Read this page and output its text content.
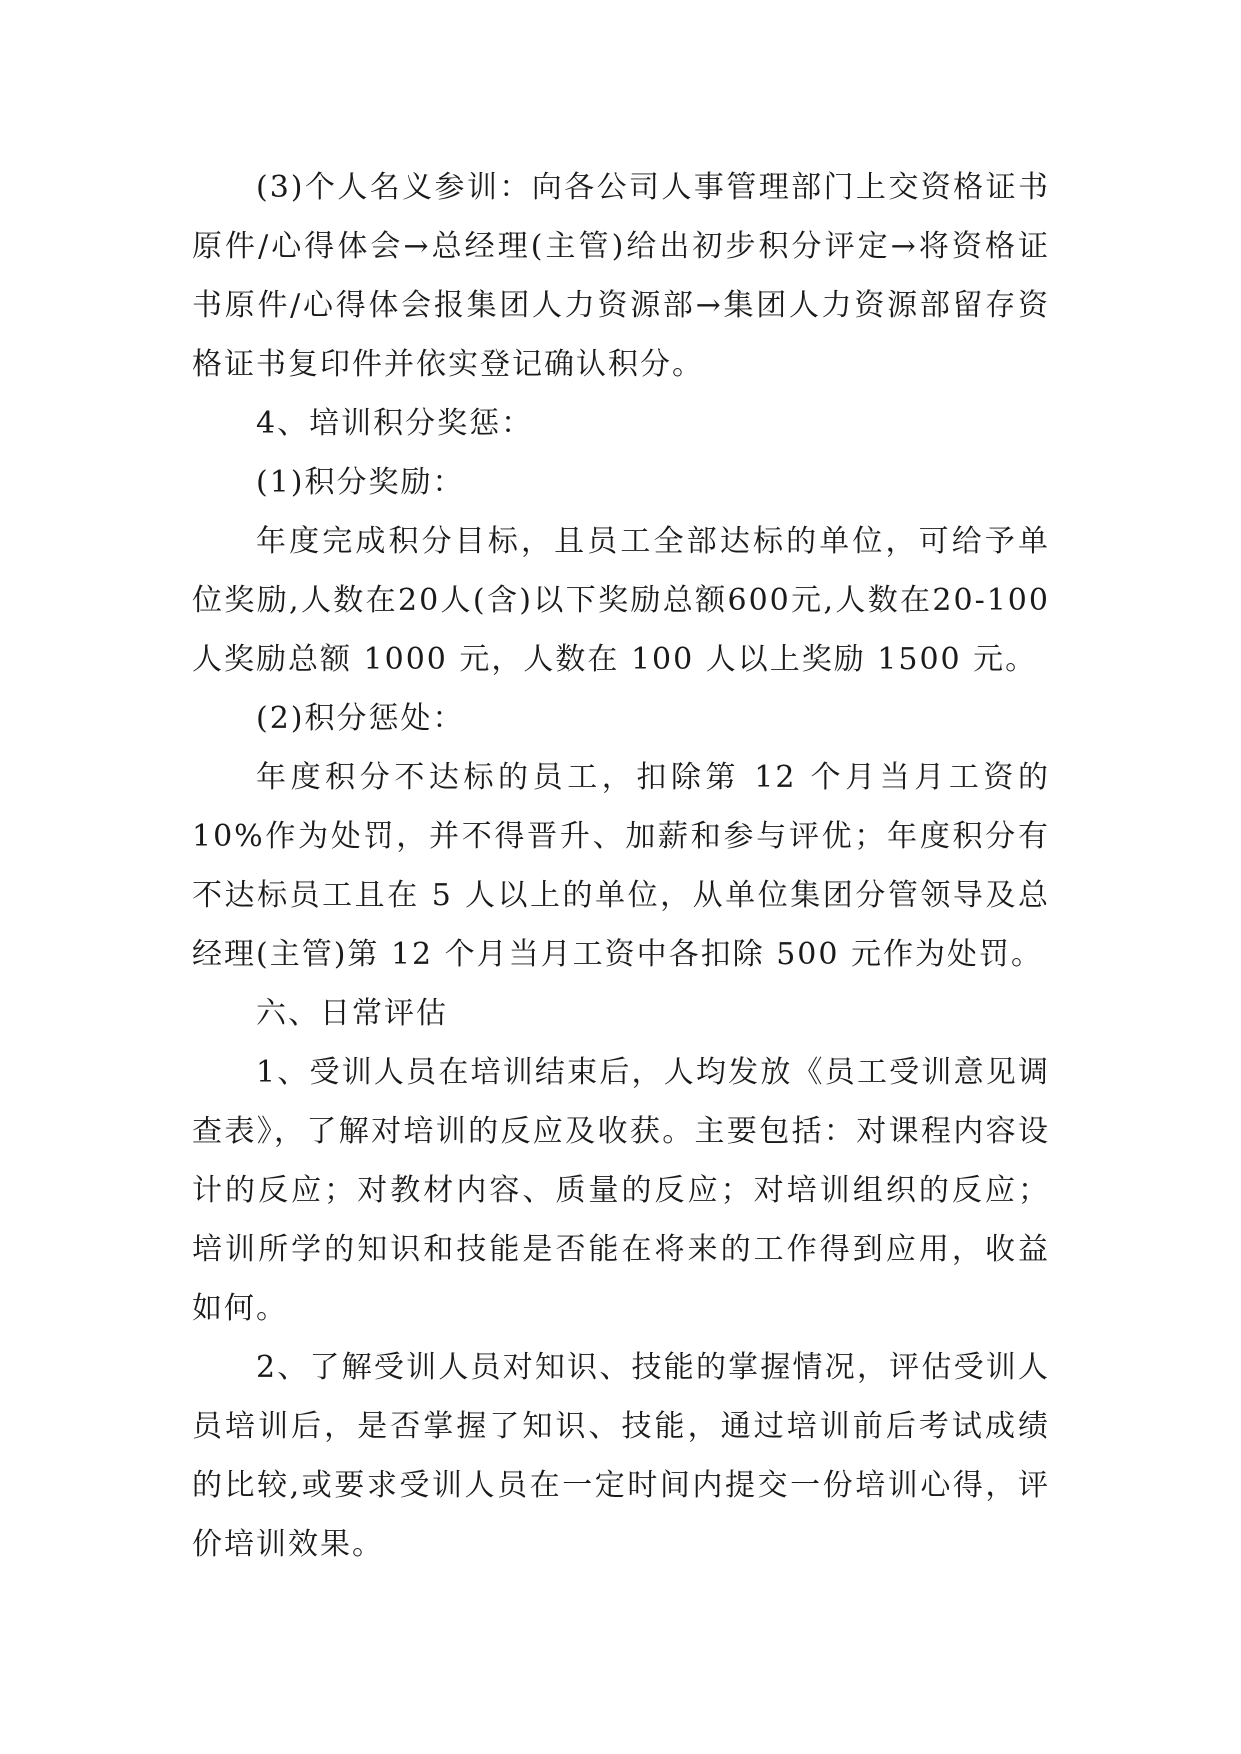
(3)个人名义参训：向各公司人事管理部门上交资格证书原件/心得体会→总经理(主管)给出初步积分评定→将资格证书原件/心得体会报集团人力资源部→集团人力资源部留存资格证书复印件并依实登记确认积分。

4、培训积分奖惩：

(1)积分奖励：

年度完成积分目标，且员工全部达标的单位，可给予单位奖励,人数在20人(含)以下奖励总额600元,人数在20-100人奖励总额 1000 元，人数在 100 人以上奖励 1500 元。

(2)积分惩处：

年度积分不达标的员工，扣除第 12 个月当月工资的 10%作为处罚，并不得晋升、加薪和参与评优；年度积分有不达标员工且在 5 人以上的单位，从单位集团分管领导及总经理(主管)第 12 个月当月工资中各扣除 500 元作为处罚。

六、日常评估

1、受训人员在培训结束后，人均发放《员工受训意见调查表》，了解对培训的反应及收获。主要包括：对课程内容设计的反应；对教材内容、质量的反应；对培训组织的反应；培训所学的知识和技能是否能在将来的工作得到应用，收益如何。

2、了解受训人员对知识、技能的掌握情况，评估受训人员培训后，是否掌握了知识、技能，通过培训前后考试成绩的比较,或要求受训人员在一定时间内提交一份培训心得，评价培训效果。
